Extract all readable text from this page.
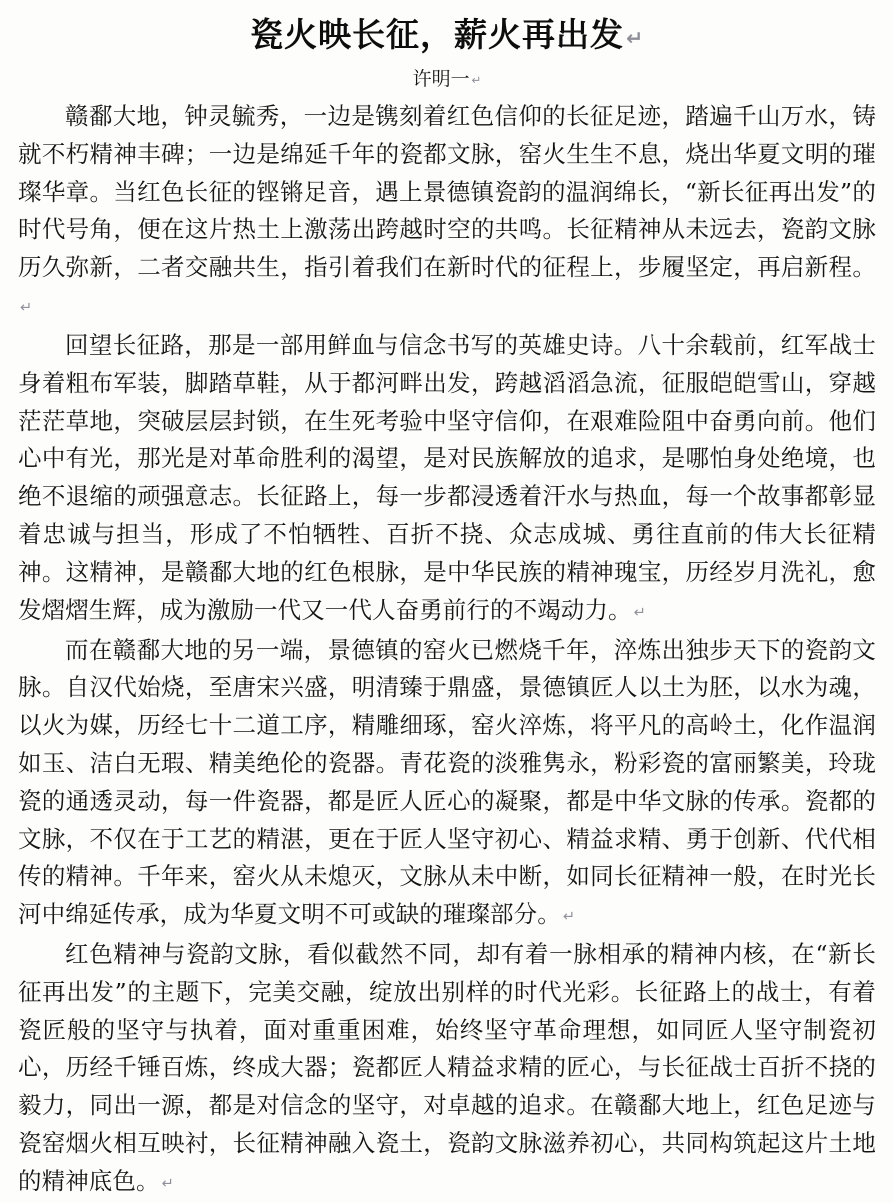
瓷火映长征，薪火再出发↵
许明一 ↵

赣鄱大地，钟灵毓秀，一边是镌刻着红色信仰的长征足迹，踏遍千山万水，铸就不朽精神丰碑；一边是绵延千年的瓷都文脉，窑火生生不息，烧出华夏文明的璀璨华章。当红色长征的铿锵足音，遇上景德镇瓷韵的温润绵长，“新长征再出发”的时代号角，便在这片热土上激荡出跨越时空的共鸣。长征精神从未远去，瓷韵文脉历久弥新，二者交融共生，指引着我们在新时代的征程上，步履坚定，再启新程。↵

回望长征路，那是一部用鲜血与信念书写的英雄史诗。八十余载前，红军战士身着粗布军装，脚踏草鞋，从于都河畔出发，跨越滔滔急流，征服皑皑雪山，穿越茫茫草地，突破层层封锁，在生死考验中坚守信仰，在艰难险阻中奋勇向前。他们心中有光，那光是对革命胜利的渴望，是对民族解放的追求，是哪怕身处绝境，也绝不退缩的顽强意志。长征路上，每一步都浸透着汗水与热血，每一个故事都彰显着忠诚与担当，形成了不怕牺牲、百折不挠、众志成城、勇往直前的伟大长征精神。这精神，是赣鄱大地的红色根脉，是中华民族的精神瑰宝，历经岁月洗礼，愈发熠熠生辉，成为激励一代又一代人奋勇前行的不竭动力。 ↵

而在赣鄱大地的另一端，景德镇的窑火已燃烧千年，淬炼出独步天下的瓷韵文脉。自汉代始烧，至唐宋兴盛，明清臻于鼎盛，景德镇匠人以土为胚，以水为魂，以火为媒，历经七十二道工序，精雕细琢，窑火淬炼，将平凡的高岭土，化作温润如玉、洁白无瑕、精美绝伦的瓷器。青花瓷的淡雅隽永，粉彩瓷的富丽繁美，玲珑瓷的通透灵动，每一件瓷器，都是匠人匠心的凝聚，都是中华文脉的传承。瓷都的文脉，不仅在于工艺的精湛，更在于匠人坚守初心、精益求精、勇于创新、代代相传的精神。千年来，窑火从未熄灭，文脉从未中断，如同长征精神一般，在时光长河中绵延传承，成为华夏文明不可或缺的璀璨部分。 ↵

红色精神与瓷韵文脉，看似截然不同，却有着一脉相承的精神内核，在“新长征再出发”的主题下，完美交融，绽放出别样的时代光彩。长征路上的战士，有着瓷匠般的坚守与执着，面对重重困难，始终坚守革命理想，如同匠人坚守制瓷初心，历经千锤百炼，终成大器；瓷都匠人精益求精的匠心，与长征战士百折不挠的毅力，同出一源，都是对信念的坚守，对卓越的追求。在赣鄱大地上，红色足迹与瓷窑烟火相互映衬，长征精神融入瓷土，瓷韵文脉滋养初心，共同构筑起这片土地的精神底色。 ↵
